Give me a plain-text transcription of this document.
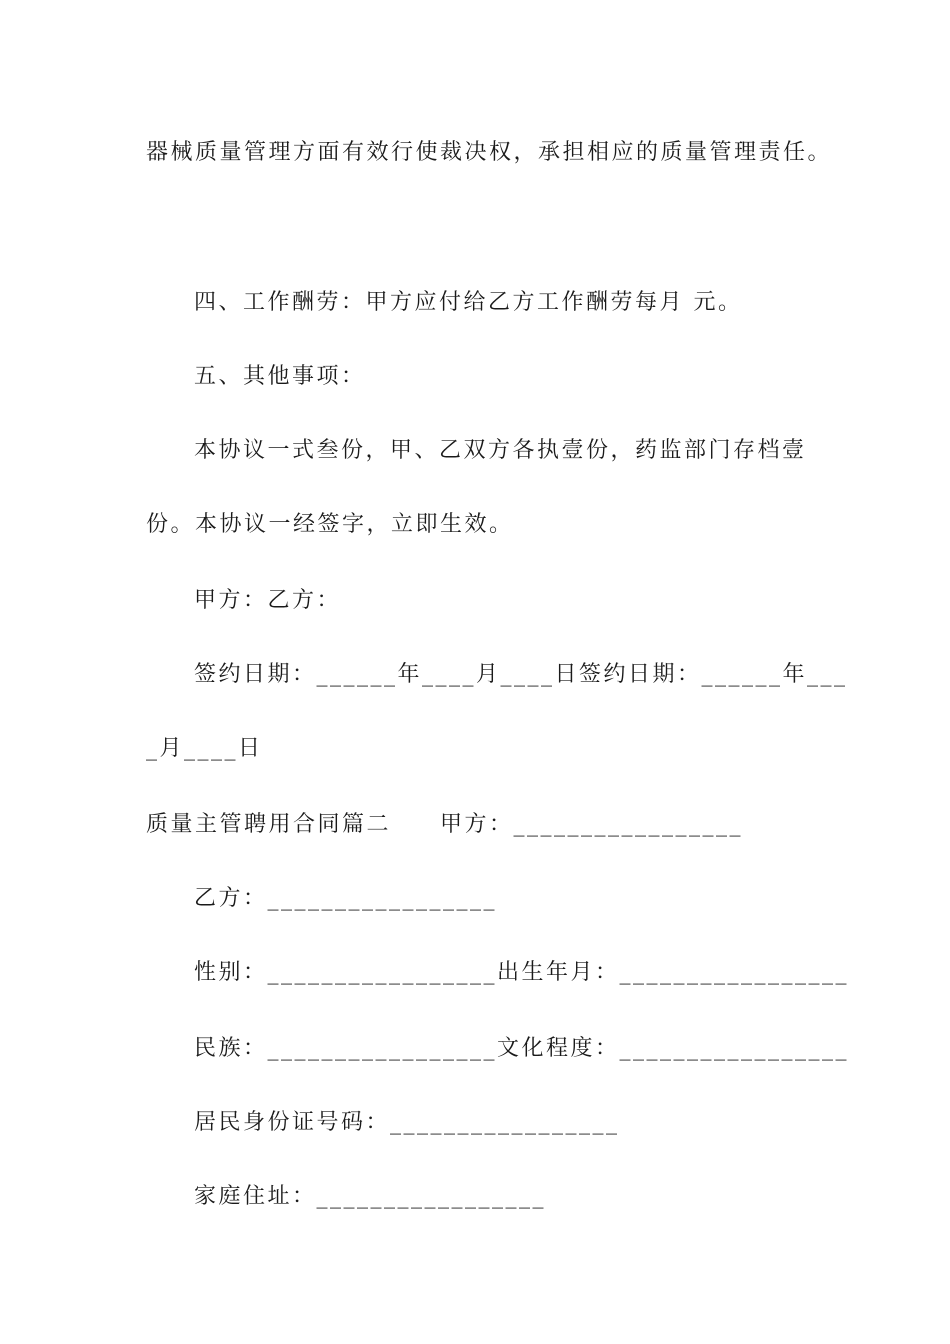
器械质量管理方面有效行使裁决权，承担相应的质量管理责任。
四、工作酬劳：甲方应付给乙方工作酬劳每月 元。
五、其他事项：
本协议一式叁份，甲、乙双方各执壹份，药监部门存档壹
份。本协议一经签字，立即生效。
甲方：乙方：
签约日期：______年____月____日签约日期：______年___
_月____日
质量主管聘用合同篇二　　甲方：_________________
乙方：_________________
性别：_________________出生年月：_________________
民族：_________________文化程度：_________________
居民身份证号码：_________________
家庭住址：_________________
